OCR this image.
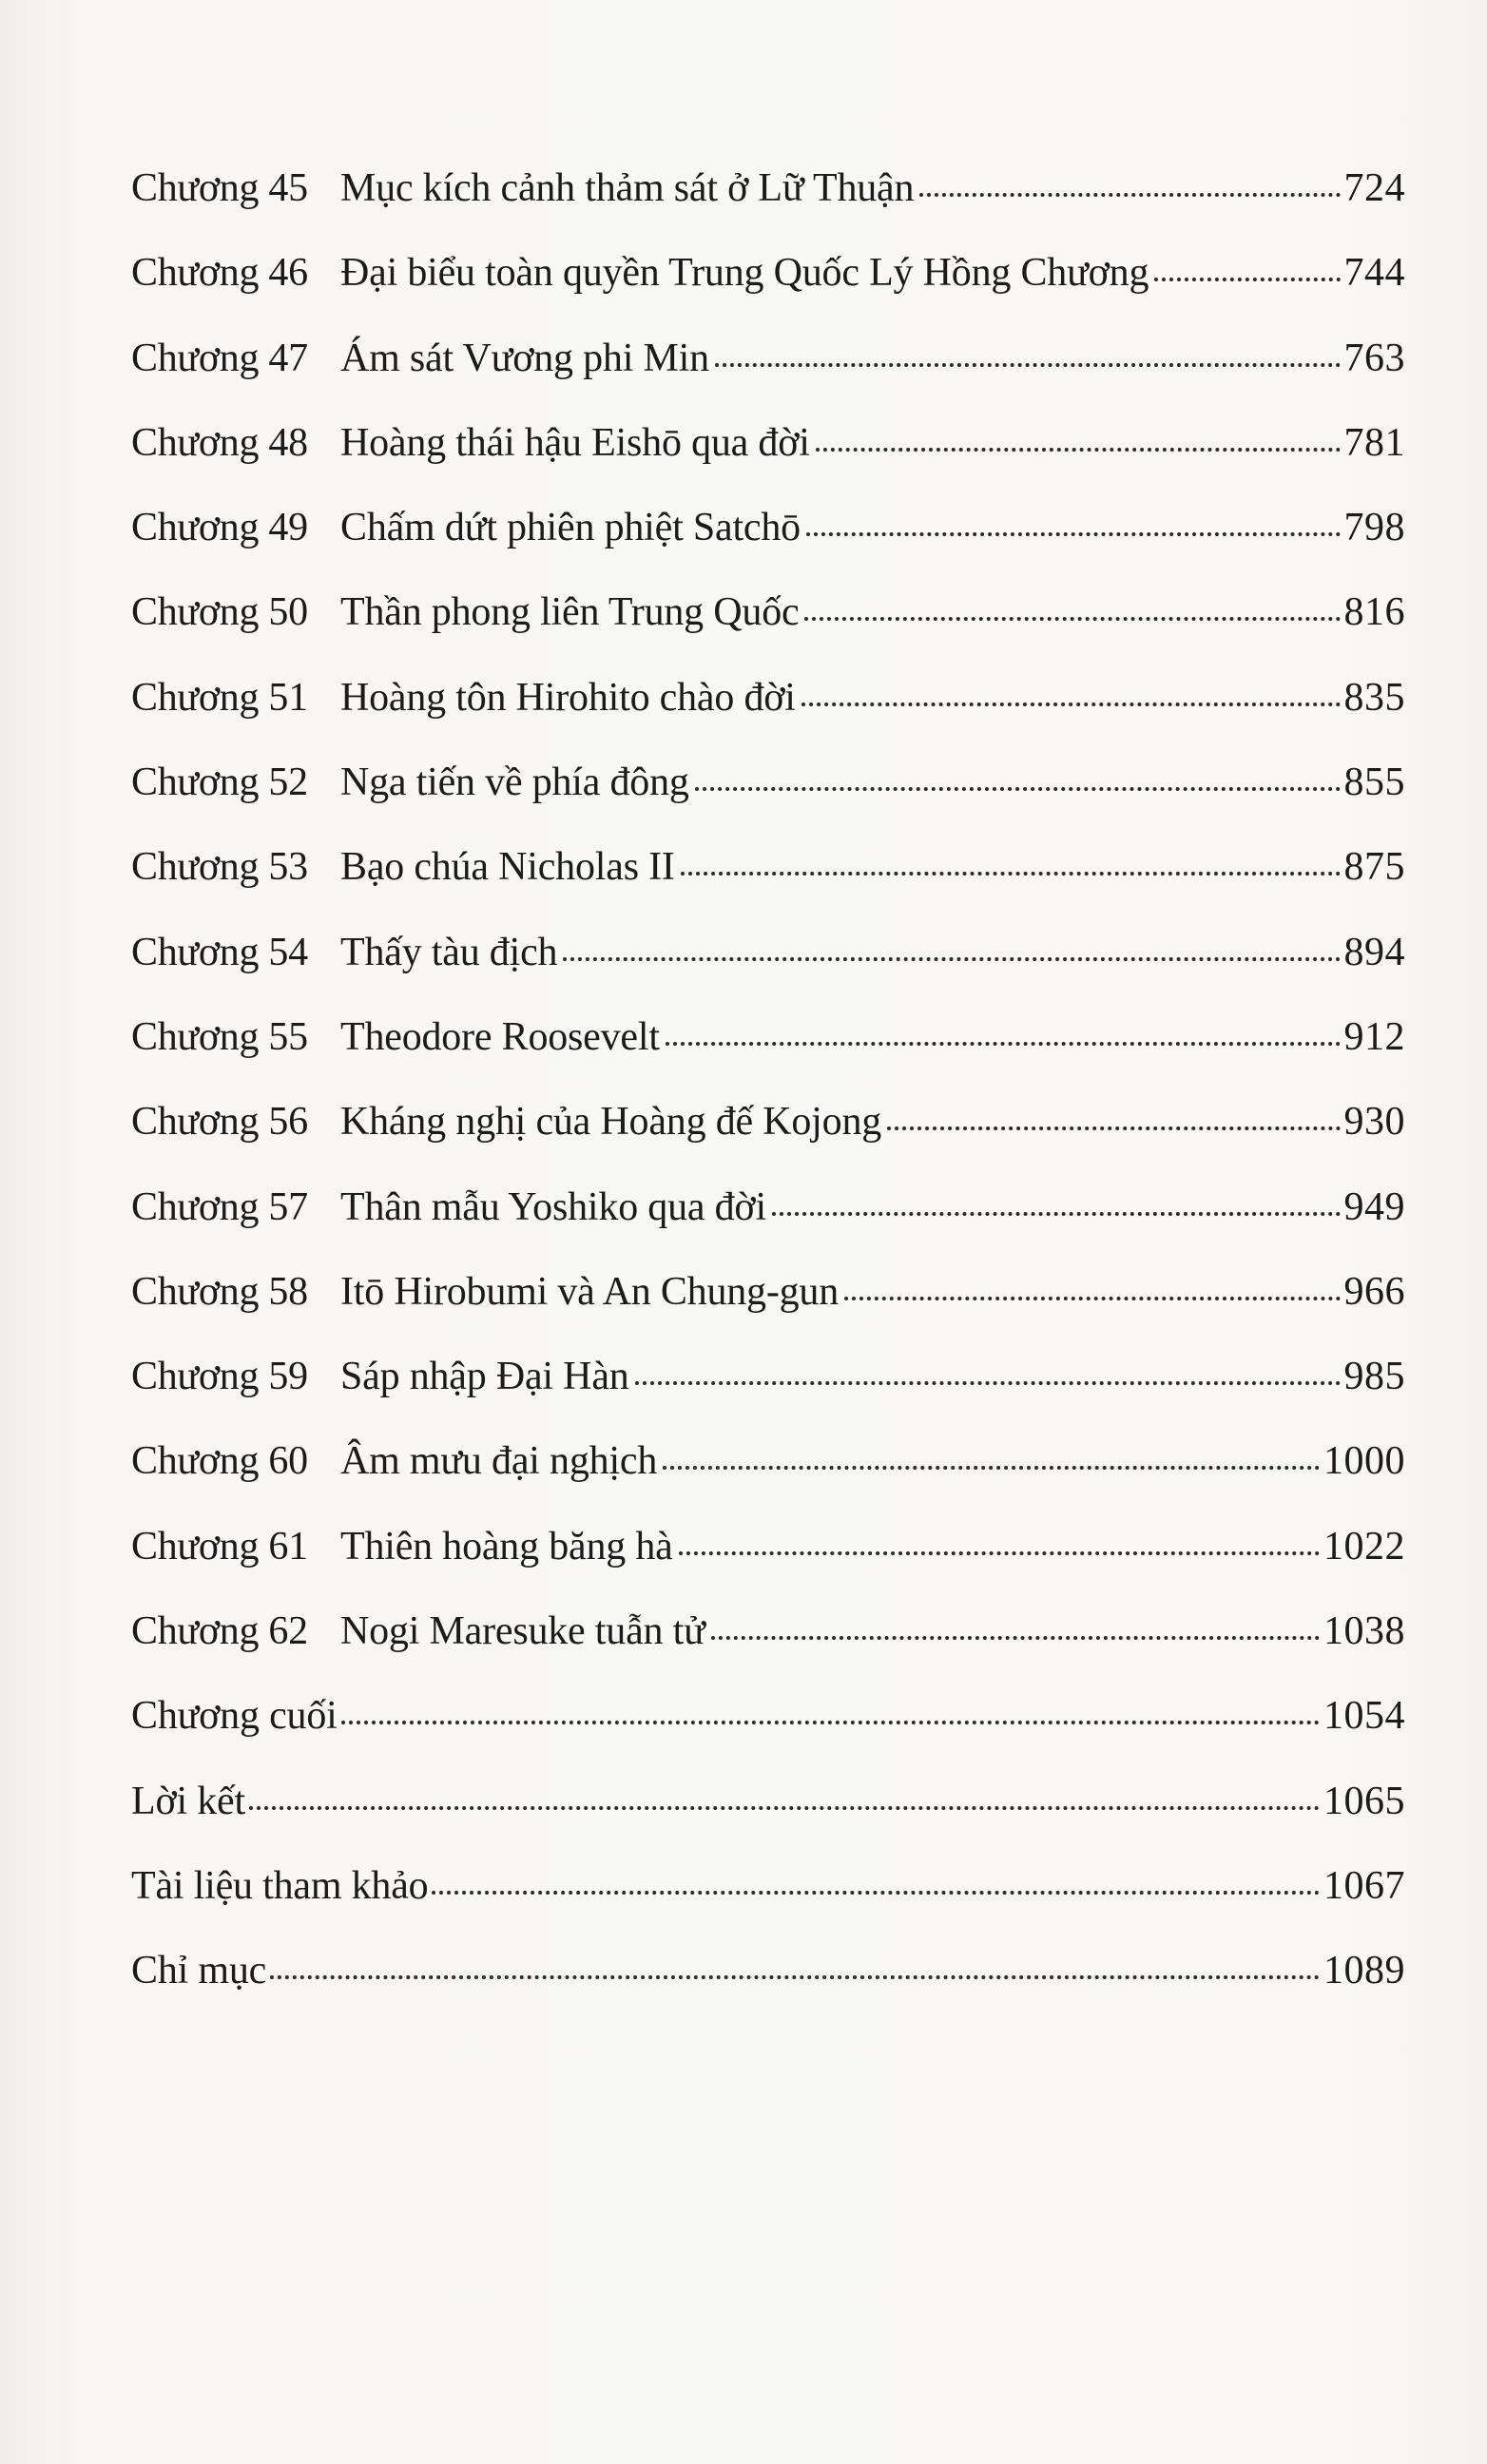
Chương 45 Mục kích cảnh thảm sát ở Lữ Thuận	724
Chương 46 Đại biểu toàn quyền Trung Quốc Lý Hồng Chương	744
Chương 47 Ám sát Vương phi Min	763
Chương 48 Hoàng thái hậu Eishō qua đời	781
Chương 49 Chấm dứt phiên phiệt Satchō	798
Chương 50 Thần phong liên Trung Quốc	816
Chương 51 Hoàng tôn Hirohito chào đời	835
Chương 52 Nga tiến về phía đông	855
Chương 53 Bạo chúa Nicholas II	875
Chương 54 Thấy tàu địch	894
Chương 55 Theodore Roosevelt	912
Chương 56 Kháng nghị của Hoàng đế Kojong	930
Chương 57 Thân mẫu Yoshiko qua đời	949
Chương 58 Itō Hirobumi và An Chung-gun	966
Chương 59 Sáp nhập Đại Hàn	985
Chương 60 Âm mưu đại nghịch	1000
Chương 61 Thiên hoàng băng hà	1022
Chương 62 Nogi Maresuke tuẫn tử	1038
Chương cuối	1054
Lời kết	1065
Tài liệu tham khảo	1067
Chỉ mục	1089
